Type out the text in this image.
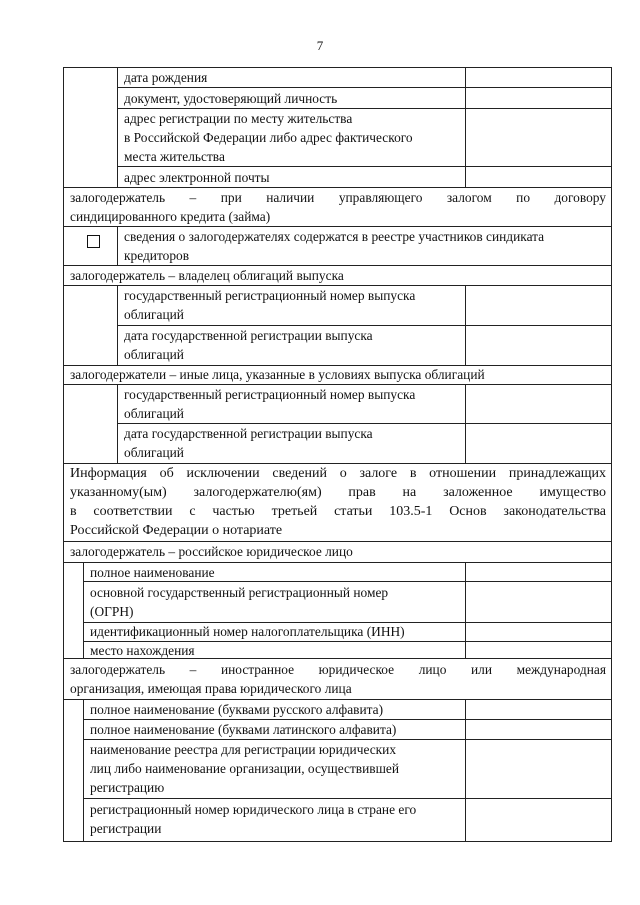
7
дата рождения
документ, удостоверяющий личность
адрес регистрации по месту жительства
в Российской Федерации либо адрес фактического
места жительства
адрес электронной почты
залогодержатель – при наличии управляющего залогом по договору
синдицированного кредита (займа)
сведения о залогодержателях содержатся в реестре участников синдиката
кредиторов
залогодержатель – владелец облигаций выпуска
государственный регистрационный номер выпуска
облигаций
дата государственной регистрации выпуска
облигаций
залогодержатели – иные лица, указанные в условиях выпуска облигаций
государственный регистрационный номер выпуска
облигаций
дата государственной регистрации выпуска
облигаций
Информация об исключении сведений о залоге в отношении принадлежащих
указанному(ым) залогодержателю(ям) прав на заложенное имущество
в соответствии с частью третьей статьи 103.5-1 Основ законодательства
Российской Федерации о нотариате
залогодержатель – российское юридическое лицо
полное наименование
основной государственный регистрационный номер
(ОГРН)
идентификационный номер налогоплательщика (ИНН)
место нахождения
залогодержатель – иностранное юридическое лицо или международная
организация, имеющая права юридического лица
полное наименование (буквами русского алфавита)
полное наименование (буквами латинского алфавита)
наименование реестра для регистрации юридических
лиц либо наименование организации, осуществившей
регистрацию
регистрационный номер юридического лица в стране его
регистрации
